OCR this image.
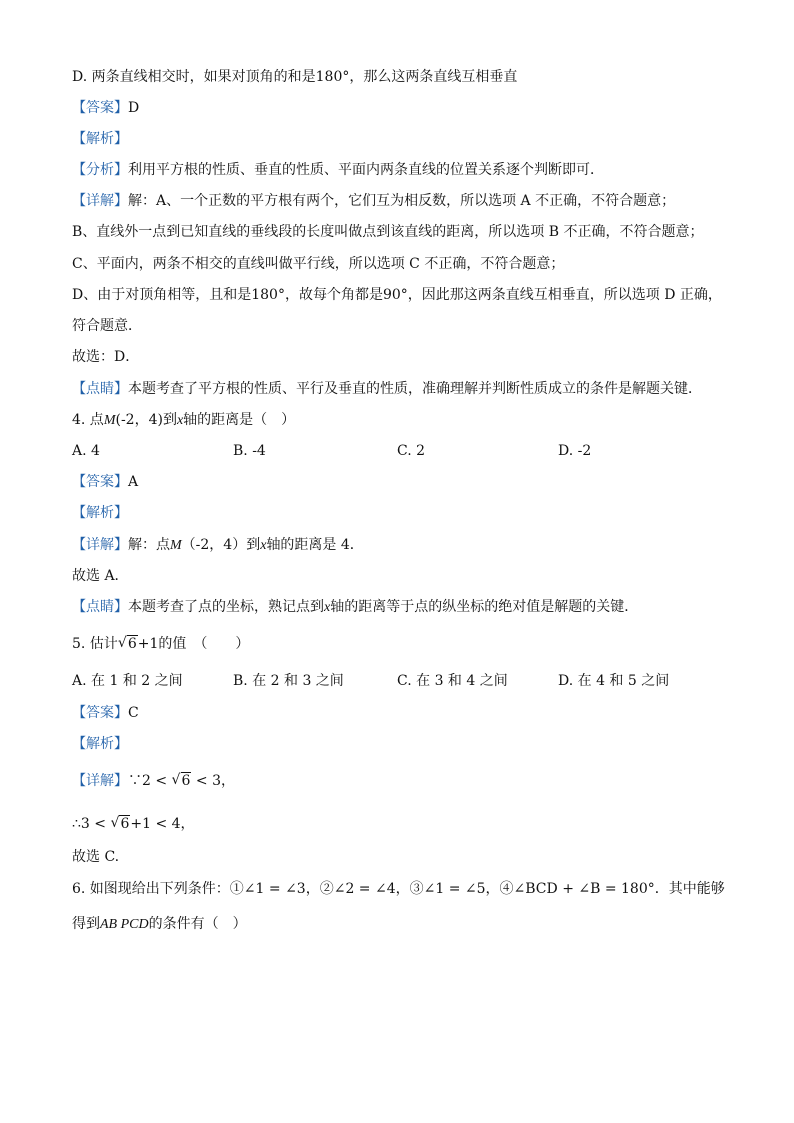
D. 两条直线相交时，如果对顶角的和是180°，那么这两条直线互相垂直
【答案】D
【解析】
【分析】利用平方根的性质、垂直的性质、平面内两条直线的位置关系逐个判断即可．
【详解】解：A、一个正数的平方根有两个，它们互为相反数，所以选项 A 不正确，不符合题意；
B、直线外一点到已知直线的垂线段的长度叫做点到该直线的距离，所以选项 B 不正确，不符合题意；
C、平面内，两条不相交的直线叫做平行线，所以选项 C 不正确，不符合题意；
D、由于对顶角相等，且和是180°，故每个角都是90°，因此那这两条直线互相垂直，所以选项 D 正确，
符合题意．
故选：D．
【点睛】本题考查了平方根的性质、平行及垂直的性质，准确理解并判断性质成立的条件是解题关键．
4. 点M(-2，4)到x轴的距离是（　）
A. 4	B. -4	C. 2	D. -2
【答案】A
【解析】
【详解】解：点M（-2，4）到x轴的距离是 4．
故选 A．
【点睛】本题考查了点的坐标，熟记点到x轴的距离等于点的纵坐标的绝对值是解题的关键．
5. 估计 √ 6+1的值　（　　）
A. 在 1 和 2 之间	B. 在 2 和 3 之间	C. 在 3 和 4 之间	D. 在 4 和 5 之间
【答案】C
【解析】
【详解】∵2 < √ 6 < 3，
∴3 < √ 6+1 < 4，
故选 C.
6. 如图现给出下列条件：①∠1 = ∠3，②∠2 = ∠4，③∠1 = ∠5，④∠BCD + ∠B = 180°．其中能够
得到AB PCD的条件有（　）
